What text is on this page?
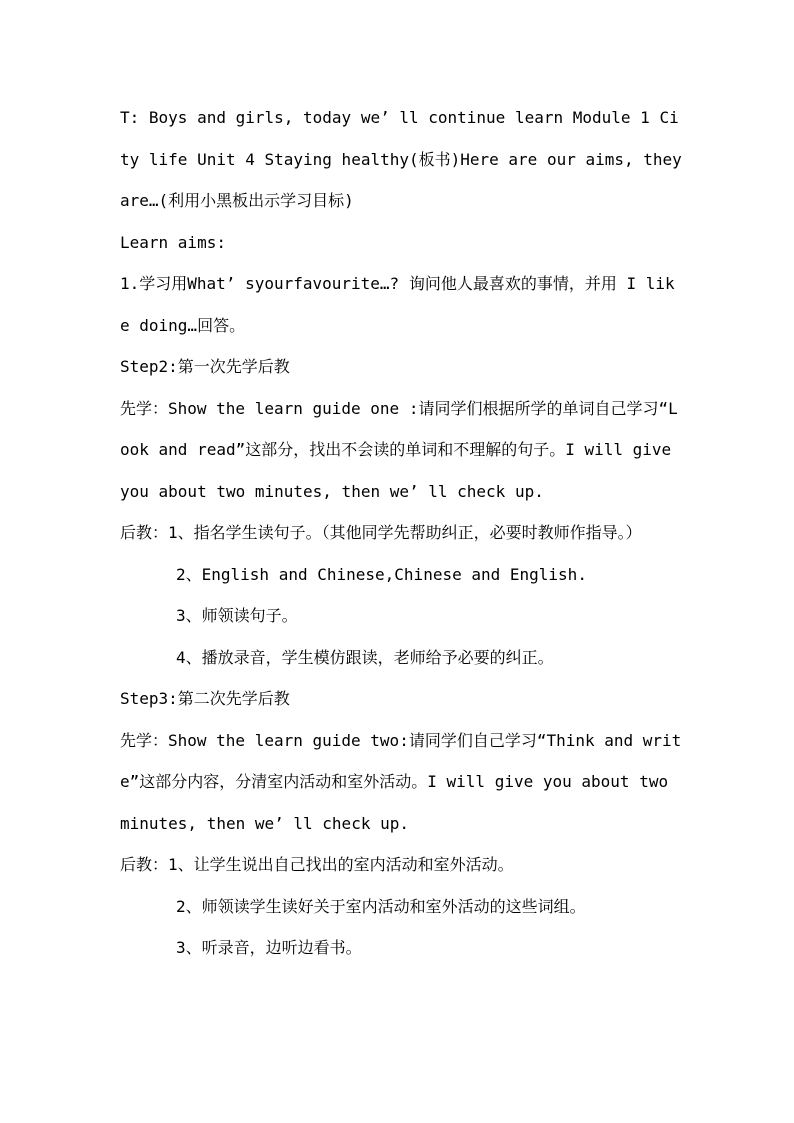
T: Boys and girls, today we’ ll continue learn Module 1 City life Unit 4 Staying healthy(板书)Here are our aims, they are…(利用小黑板出示学习目标)

Learn aims:

1.学习用What’ syourfavourite…? 询问他人最喜欢的事情，并用 I like doing…回答。

Step2:第一次先学后教

先学：Show the learn guide one :请同学们根据所学的单词自己学习“Look and read”这部分，找出不会读的单词和不理解的句子。I will give you about two minutes, then we’ ll check up.

后教：1、指名学生读句子。（其他同学先帮助纠正，必要时教师作指导。）

2、English and Chinese,Chinese and English.

3、师领读句子。

4、播放录音，学生模仿跟读，老师给予必要的纠正。

Step3:第二次先学后教

先学：Show the learn guide two:请同学们自己学习“Think and write”这部分内容，分清室内活动和室外活动。I will give you about two minutes, then we’ ll check up.

后教：1、让学生说出自己找出的室内活动和室外活动。

2、师领读学生读好关于室内活动和室外活动的这些词组。

3、听录音，边听边看书。
